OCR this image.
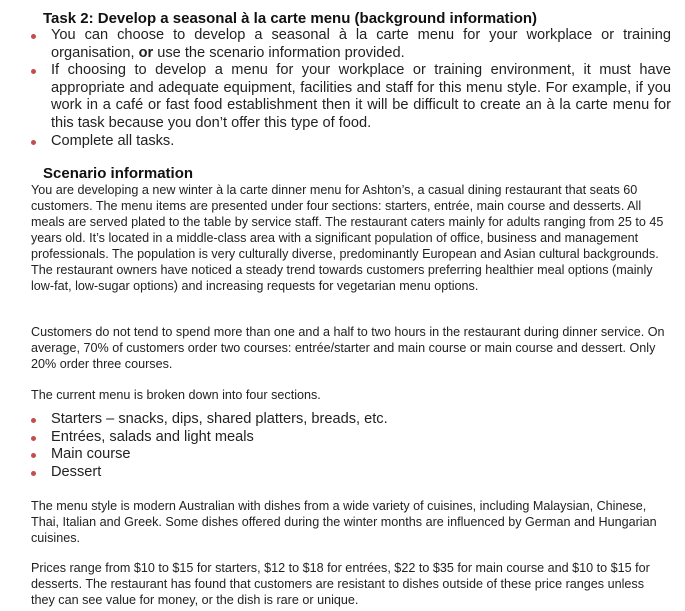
Task 2: Develop a seasonal à la carte menu (background information)
You can choose to develop a seasonal à la carte menu for your workplace or training organisation, or use the scenario information provided.
If choosing to develop a menu for your workplace or training environment, it must have appropriate and adequate equipment, facilities and staff for this menu style. For example, if you work in a café or fast food establishment then it will be difficult to create an à la carte menu for this task because you don’t offer this type of food.
Complete all tasks.
Scenario information

You are developing a new winter à la carte dinner menu for Ashton’s, a casual dining restaurant that seats 60 customers. The menu items are presented under four sections: starters, entrée, main course and desserts. All meals are served plated to the table by service staff. The restaurant caters mainly for adults ranging from 25 to 45 years old. It’s located in a middle-class area with a significant population of office, business and management professionals. The population is very culturally diverse, predominantly European and Asian cultural backgrounds. The restaurant owners have noticed a steady trend towards customers preferring healthier meal options (mainly low-fat, low-sugar options) and increasing requests for vegetarian menu options.

Customers do not tend to spend more than one and a half to two hours in the restaurant during dinner service. On average, 70% of customers order two courses: entrée/starter and main course or main course and dessert. Only 20% order three courses.

The current menu is broken down into four sections.

Starters – snacks, dips, shared platters, breads, etc.
Entrées, salads and light meals
Main course
Dessert

The menu style is modern Australian with dishes from a wide variety of cuisines, including Malaysian, Chinese, Thai, Italian and Greek. Some dishes offered during the winter months are influenced by German and Hungarian cuisines.

Prices range from $10 to $15 for starters, $12 to $18 for entrées, $22 to $35 for main course and $10 to $15 for desserts. The restaurant has found that customers are resistant to dishes outside of these price ranges unless they can see value for money, or the dish is rare or unique.
